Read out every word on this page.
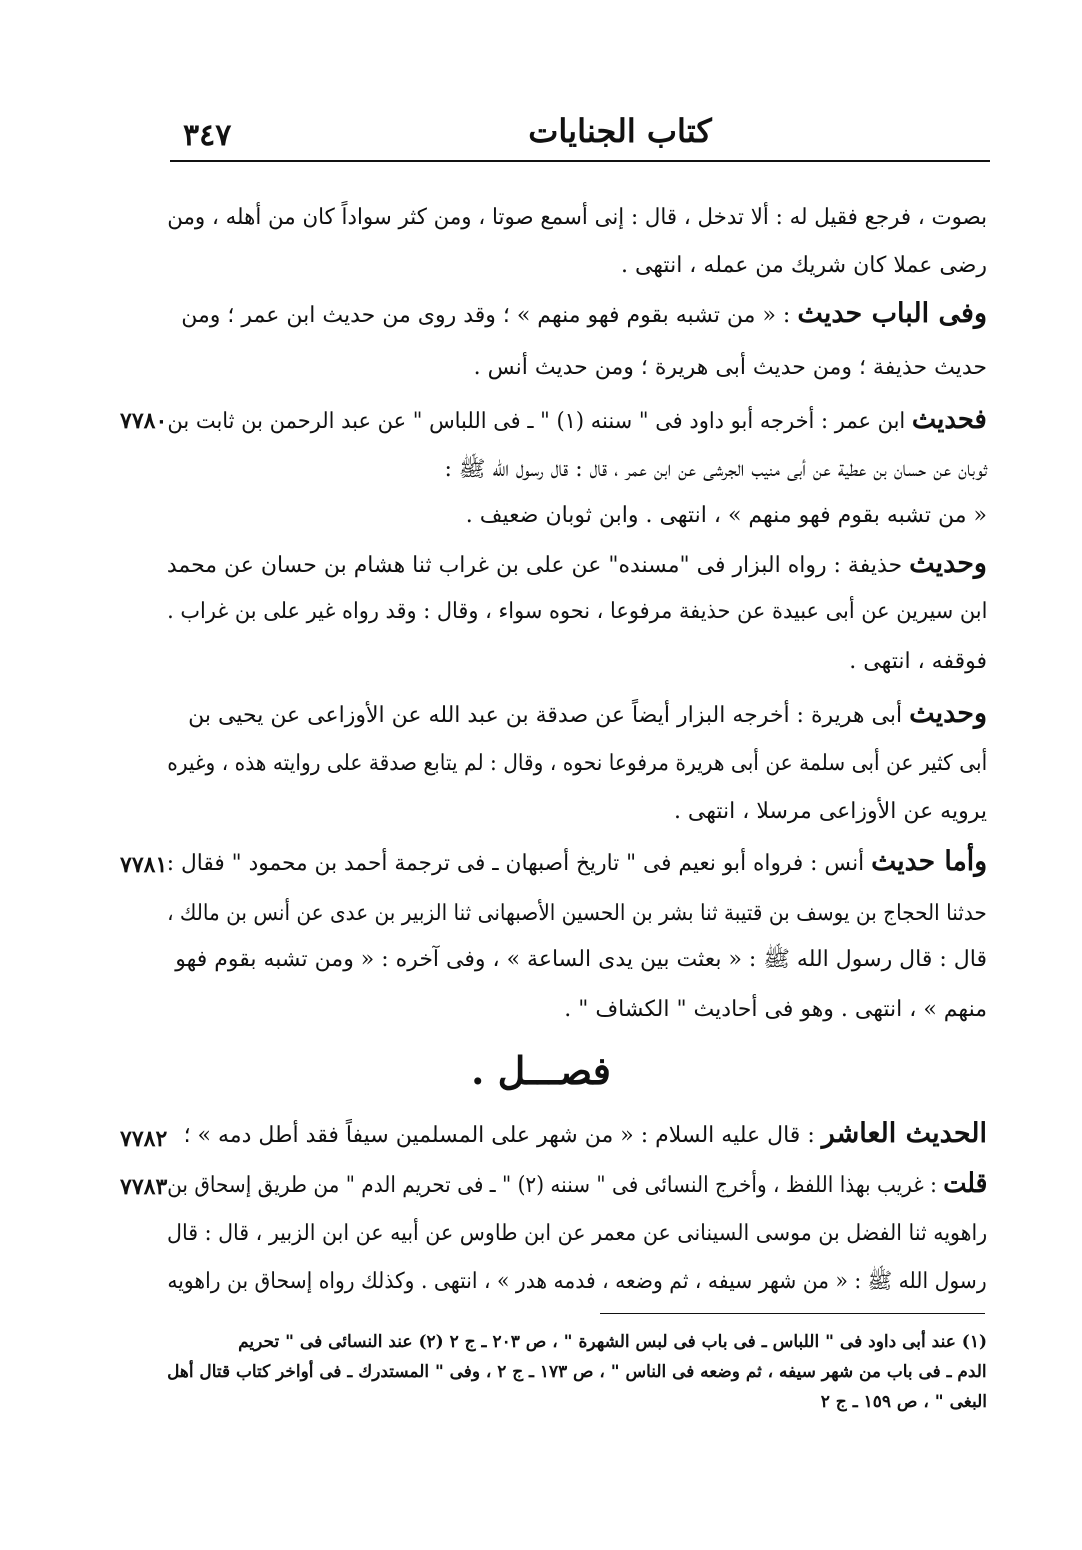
٣٤٧	كتاب الجنايات
بصوت ، فرجع فقيل له : ألا تدخل ، قال : إنى أسمع صوتا ، ومن كثر سواداً كان من أهله ، ومن
رضى عملا كان شريك من عمله ، انتهى .
وفى الباب حديث : « من تشبه بقوم فهو منهم » ؛ وقد روى من حديث ابن عمر ؛ ومن
حديث حذيفة ؛ ومن حديث أبى هريرة ؛ ومن حديث أنس .
فحديث ابن عمر : أخرجه أبو داود فى " سننه (١) " ـ فى اللباس " عن عبد الرحمن بن ثابت بن
ثوبان عن حسان بن عطية عن أبى منيب الجرشى عن ابن عمر ، قال : قال رسول الله ﷺ :
« من تشبه بقوم فهو منهم » ، انتهى . وابن ثوبان ضعيف .
وحديث حذيفة : رواه البزار فى "مسنده" عن على بن غراب ثنا هشام بن حسان عن محمد
ابن سيرين عن أبى عبيدة عن حذيفة مرفوعا ، نحوه سواء ، وقال : وقد رواه غير على بن غراب .
فوقفه ، انتهى .
وحديث أبى هريرة : أخرجه البزار أيضاً عن صدقة بن عبد الله عن الأوزاعى عن يحيى بن
أبى كثير عن أبى سلمة عن أبى هريرة مرفوعا نحوه ، وقال : لم يتابع صدقة على روايته هذه ، وغيره
يرويه عن الأوزاعى مرسلا ، انتهى .
وأما حديث أنس : فرواه أبو نعيم فى " تاريخ أصبهان ـ فى ترجمة أحمد بن محمود " فقال :
حدثنا الحجاج بن يوسف بن قتيبة ثنا بشر بن الحسين الأصبهانى ثنا الزبير بن عدى عن أنس بن مالك ،
قال : قال رسول الله ﷺ : « بعثت بين يدى الساعة » ، وفى آخره : « ومن تشبه بقوم فهو
منهم » ، انتهى . وهو فى أحاديث " الكشاف " .
فصـــل .
الحديث العاشر : قال عليه السلام : « من شهر على المسلمين سيفاً فقد أطل دمه » ؛
قلت : غريب بهذا اللفظ ، وأخرج النسائى فى " سننه (٢) " ـ فى تحريم الدم " من طريق إسحاق بن
راهويه ثنا الفضل بن موسى السينانى عن معمر عن ابن طاوس عن أبيه عن ابن الزبير ، قال : قال
رسول الله ﷺ : « من شهر سيفه ، ثم وضعه ، فدمه هدر » ، انتهى . وكذلك رواه إسحاق بن راهويه
٧٧٨٠
٧٧٨١
٧٧٨٢
٧٧٨٣
(١) عند أبى داود فى " اللباس ـ فى باب فى لبس الشهرة " ، ص ٢٠٣ ـ ج ٢ (٢) عند النسائى فى " تحريم
الدم ـ فى باب من شهر سيفه ، ثم وضعه فى الناس " ، ص ١٧٣ ـ ج ٢ ، وفى " المستدرك ـ فى أواخر كتاب قتال أهل
البغى " ، ص ١٥٩ ـ ج ٢
